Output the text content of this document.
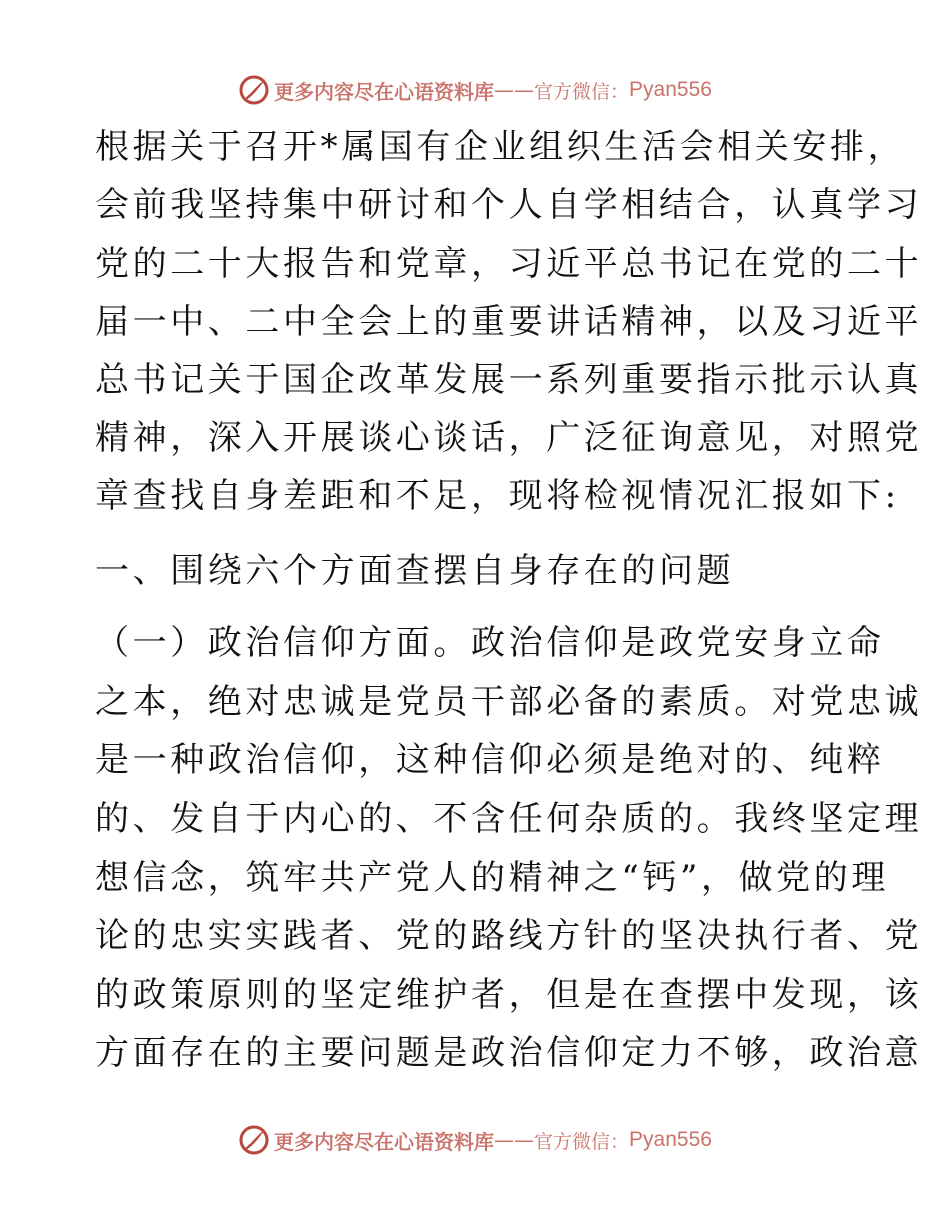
更多内容尽在心语资料库 —— 官方微信： Pyan556
根据关于召开*属国有企业组织生活会相关安排，
会前我坚持集中研讨和个人自学相结合，认真学习
党的二十大报告和党章，习近平总书记在党的二十
届一中、二中全会上的重要讲话精神，以及习近平
总书记关于国企改革发展一系列重要指示批示认真
精神，深入开展谈心谈话，广泛征询意见，对照党
章查找自身差距和不足，现将检视情况汇报如下:
一、围绕六个方面查摆自身存在的问题
（一）政治信仰方面。政治信仰是政党安身立命
之本，绝对忠诚是党员干部必备的素质。对党忠诚
是一种政治信仰，这种信仰必须是绝对的、纯粹
的、发自于内心的、不含任何杂质的。我终坚定理
想信念，筑牢共产党人的精神之“钙”，做党的理
论的忠实实践者、党的路线方针的坚决执行者、党
的政策原则的坚定维护者，但是在查摆中发现，该
方面存在的主要问题是政治信仰定力不够，政治意
更多内容尽在心语资料库 —— 官方微信： Pyan556
